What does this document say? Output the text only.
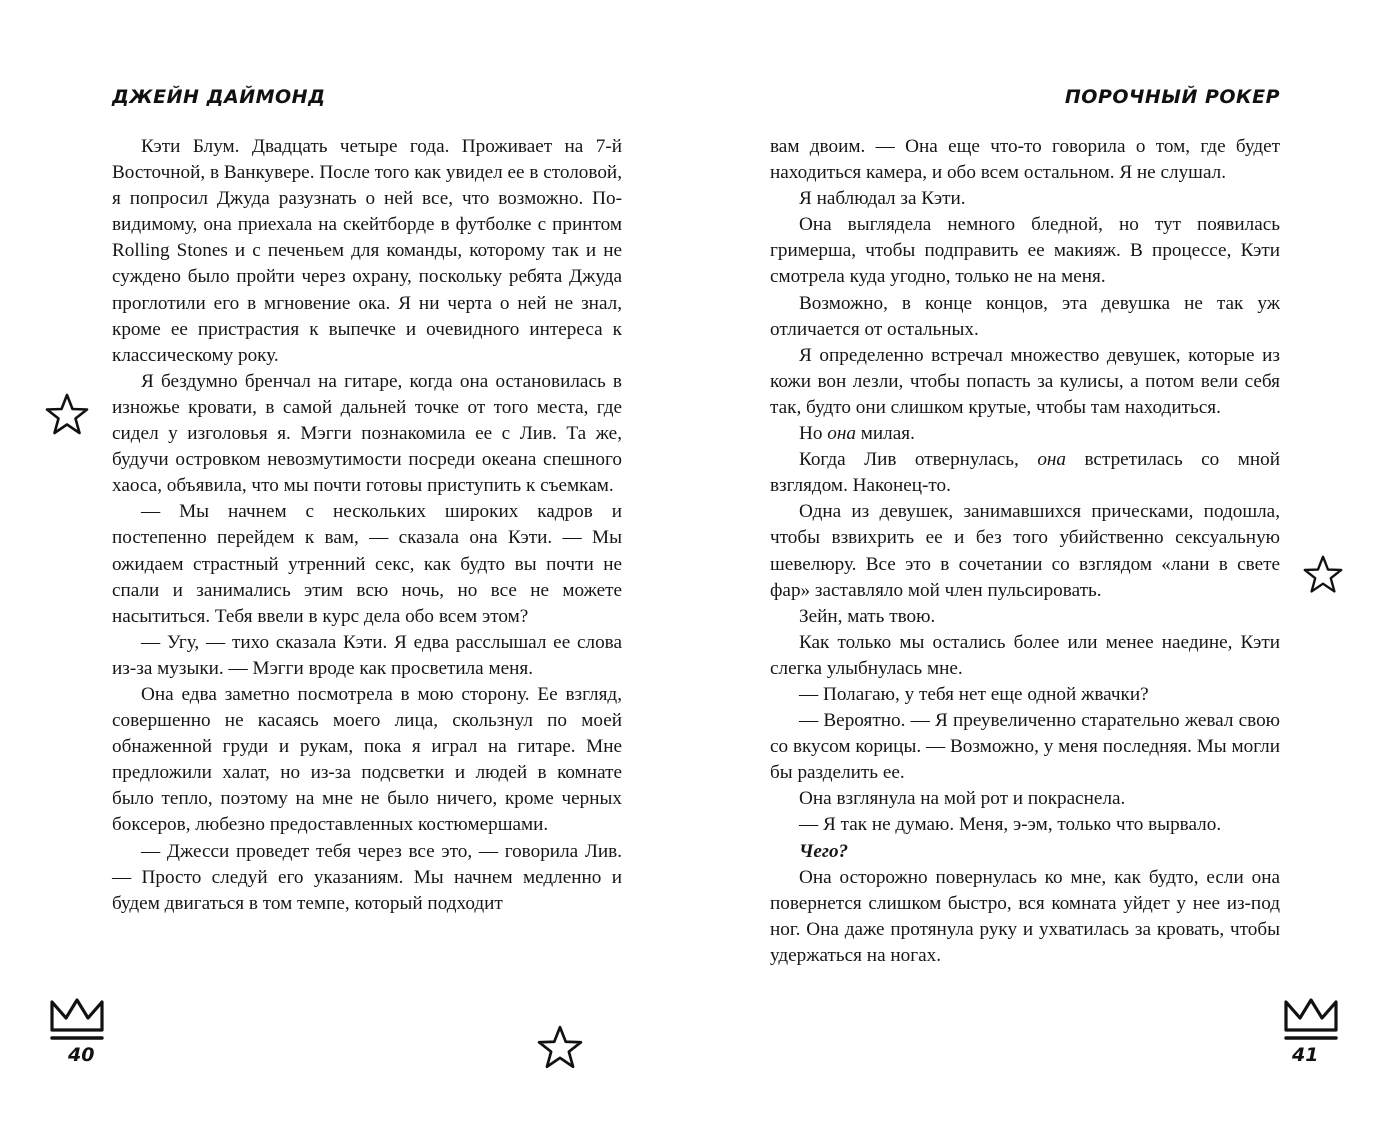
ДЖЕЙН ДАЙМОНД

Кэти Блум. Двадцать четыре года. Проживает на 7-й Восточной, в Ванкувере. После того как увидел ее в столовой, я попросил Джуда разузнать о ней все, что возможно. По-видимому, она приехала на скейтборде в футболке с принтом Rolling Stones и с печеньем для команды, которому так и не суждено было пройти через охрану, поскольку ребята Джуда проглотили его в мгновение ока. Я ни черта о ней не знал, кроме ее пристрастия к выпечке и очевидного интереса к классическому року.

Я бездумно бренчал на гитаре, когда она остановилась в изножье кровати, в самой дальней точке от того места, где сидел у изголовья я. Мэгги познакомила ее с Лив. Та же, будучи островком невозмутимости посреди океана спешного хаоса, объявила, что мы почти готовы приступить к съемкам.

— Мы начнем с нескольких широких кадров и постепенно перейдем к вам, — сказала она Кэти. — Мы ожидаем страстный утренний секс, как будто вы почти не спали и занимались этим всю ночь, но все не можете насытиться. Тебя ввели в курс дела обо всем этом?

— Угу, — тихо сказала Кэти. Я едва расслышал ее слова из-за музыки. — Мэгги вроде как просветила меня.

Она едва заметно посмотрела в мою сторону. Ее взгляд, совершенно не касаясь моего лица, скользнул по моей обнаженной груди и рукам, пока я играл на гитаре. Мне предложили халат, но из-за подсветки и людей в комнате было тепло, поэтому на мне не было ничего, кроме черных боксеров, любезно предоставленных костюмершами.

— Джесси проведет тебя через все это, — говорила Лив. — Просто следуй его указаниям. Мы начнем медленно и будем двигаться в том темпе, который подходит

40
ПОРОЧНЫЙ РОКЕР

вам двоим. — Она еще что-то говорила о том, где будет находиться камера, и обо всем остальном. Я не слушал.

Я наблюдал за Кэти.

Она выглядела немного бледной, но тут появилась гримерша, чтобы подправить ее макияж. В процессе, Кэти смотрела куда угодно, только не на меня.

Возможно, в конце концов, эта девушка не так уж отличается от остальных.

Я определенно встречал множество девушек, которые из кожи вон лезли, чтобы попасть за кулисы, а потом вели себя так, будто они слишком крутые, чтобы там находиться.

Но она милая.

Когда Лив отвернулась, она встретилась со мной взглядом. Наконец-то.

Одна из девушек, занимавшихся прическами, подошла, чтобы взвихрить ее и без того убийственно сексуальную шевелюру. Все это в сочетании со взглядом «лани в свете фар» заставляло мой член пульсировать.

Зейн, мать твою.

Как только мы остались более или менее наедине, Кэти слегка улыбнулась мне.

— Полагаю, у тебя нет еще одной жвачки?

— Вероятно. — Я преувеличенно старательно жевал свою со вкусом корицы. — Возможно, у меня последняя. Мы могли бы разделить ее.

Она взглянула на мой рот и покраснела.

— Я так не думаю. Меня, э-эм, только что вырвало.

Чего?

Она осторожно повернулась ко мне, как будто, если она повернется слишком быстро, вся комната уйдет у нее из-под ног. Она даже протянула руку и ухватилась за кровать, чтобы удержаться на ногах.

41
